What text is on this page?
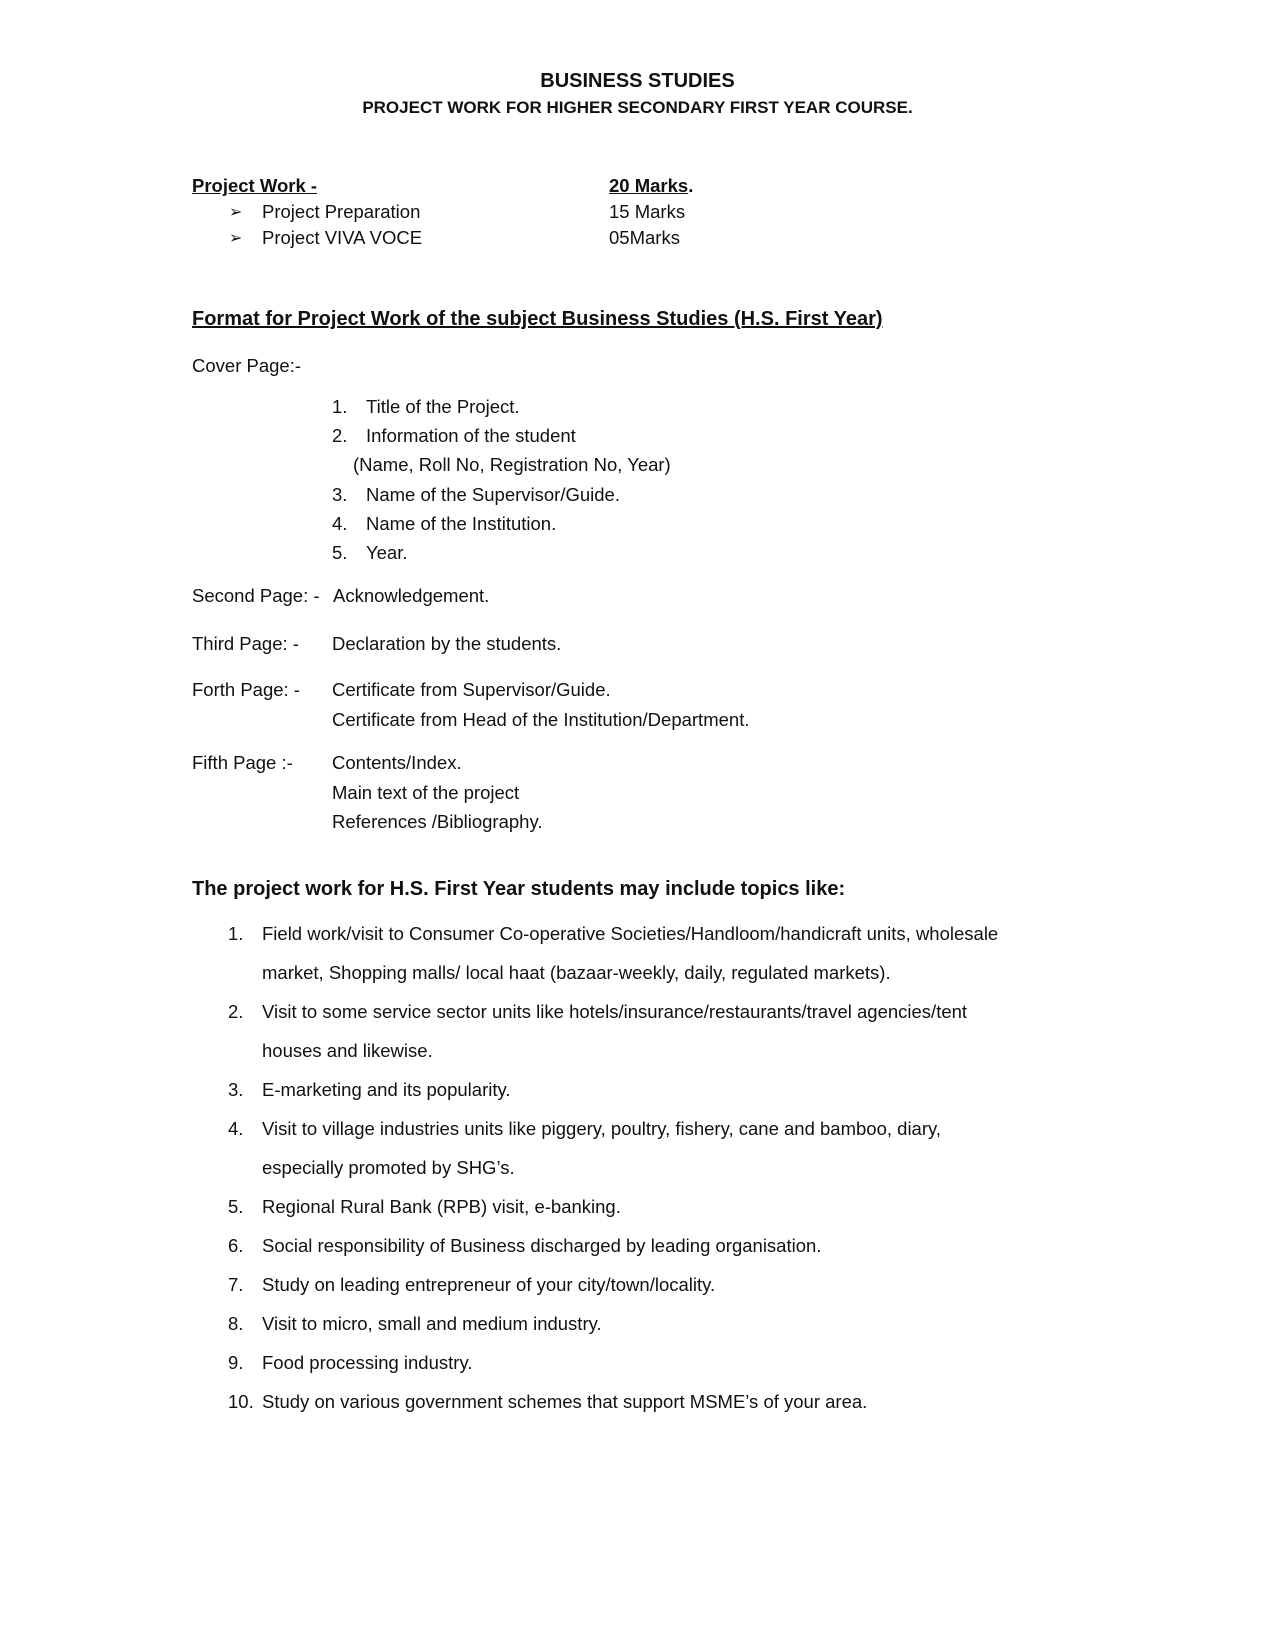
BUSINESS STUDIES
PROJECT WORK FOR HIGHER SECONDARY FIRST YEAR COURSE.
Project Work -	20 Marks.
➢ Project Preparation	15 Marks
➢ Project VIVA VOCE	05Marks
Format for Project Work of the subject Business Studies (H.S. First Year)
Cover Page:-
1. Title of the Project.
2. Information of the student
(Name, Roll No, Registration No, Year)
3. Name of the Supervisor/Guide.
4. Name of the Institution.
5. Year.
Second Page: - Acknowledgement.
Third Page: - Declaration by the students.
Forth Page: - Certificate from Supervisor/Guide.
Certificate from Head of the Institution/Department.
Fifth Page :- Contents/Index.
Main text of the project
References /Bibliography.
The project work for H.S. First Year students may include topics like:
1. Field work/visit to Consumer Co-operative Societies/Handloom/handicraft units, wholesale
market, Shopping malls/ local haat (bazaar-weekly, daily, regulated markets).
2. Visit to some service sector units like hotels/insurance/restaurants/travel agencies/tent
houses and likewise.
3. E-marketing and its popularity.
4. Visit to village industries units like piggery, poultry, fishery, cane and bamboo, diary,
especially promoted by SHG’s.
5. Regional Rural Bank (RPB) visit, e-banking.
6. Social responsibility of Business discharged by leading organisation.
7. Study on leading entrepreneur of your city/town/locality.
8. Visit to micro, small and medium industry.
9. Food processing industry.
10. Study on various government schemes that support MSME’s of your area.
